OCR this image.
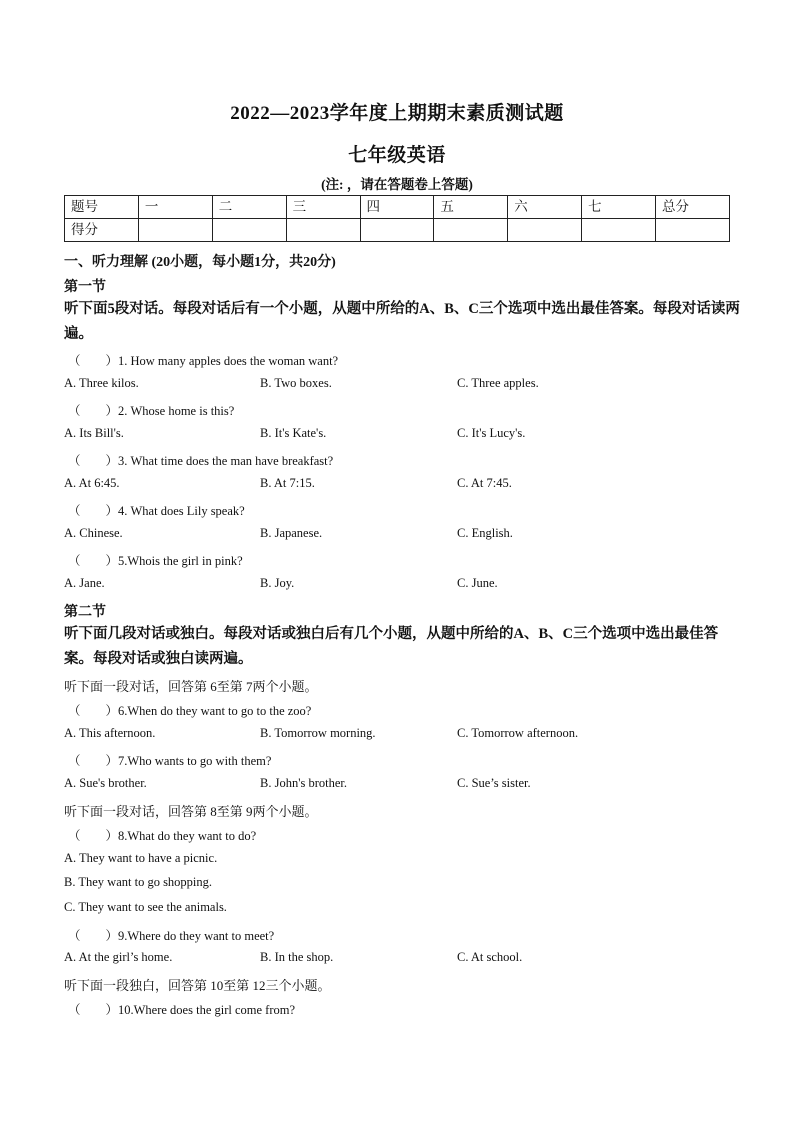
2022—2023学年度上期期末素质测试题
七年级英语
(注: ，请在答题卷上答题)
题号	一	二	三	四	五	六	七	总分
得分								
一、听力理解 (20小题，每小题1分，共20分)
第一节
听下面5段对话。每段对话后有一个小题，从题中所给的A、B、C三个选项中选出最佳答案。每段对话读两遍。
（　　）1. How many apples does the woman want?
A. Three kilos.	B. Two boxes.	C. Three apples.
（　　）2. Whose home is this?
A. Its Bill's.	B. It's Kate's.	C. It's Lucy's.
（　　）3. What time does the man have breakfast?
A. At 6:45.	B. At 7:15.	C. At 7:45.
（　　）4. What does Lily speak?
A. Chinese.	B. Japanese.	C. English.
（　　）5.Whois the girl in pink?
A. Jane.	B. Joy.	C. June.
第二节
听下面几段对话或独白。每段对话或独白后有几个小题，从题中所给的A、B、C三个选项中选出最佳答案。每段对话或独白读两遍。
听下面一段对话，回答第 6至第 7两个小题。
（　　）6.When do they want to go to the zoo?
A. This afternoon.	B. Tomorrow morning.	C. Tomorrow afternoon.
（　　）7.Who wants to go with them?
A. Sue's brother.	B. John's brother.	C. Sue’s sister.
听下面一段对话，回答第 8至第 9两个小题。
（　　）8.What do they want to do?
A. They want to have a picnic.
B. They want to go shopping.
C. They want to see the animals.
（　　）9.Where do they want to meet?
A. At the girl’s home.	B. In the shop.	C. At school.
听下面一段独白，回答第 10至第 12三个小题。
（　　）10.Where does the girl come from?
